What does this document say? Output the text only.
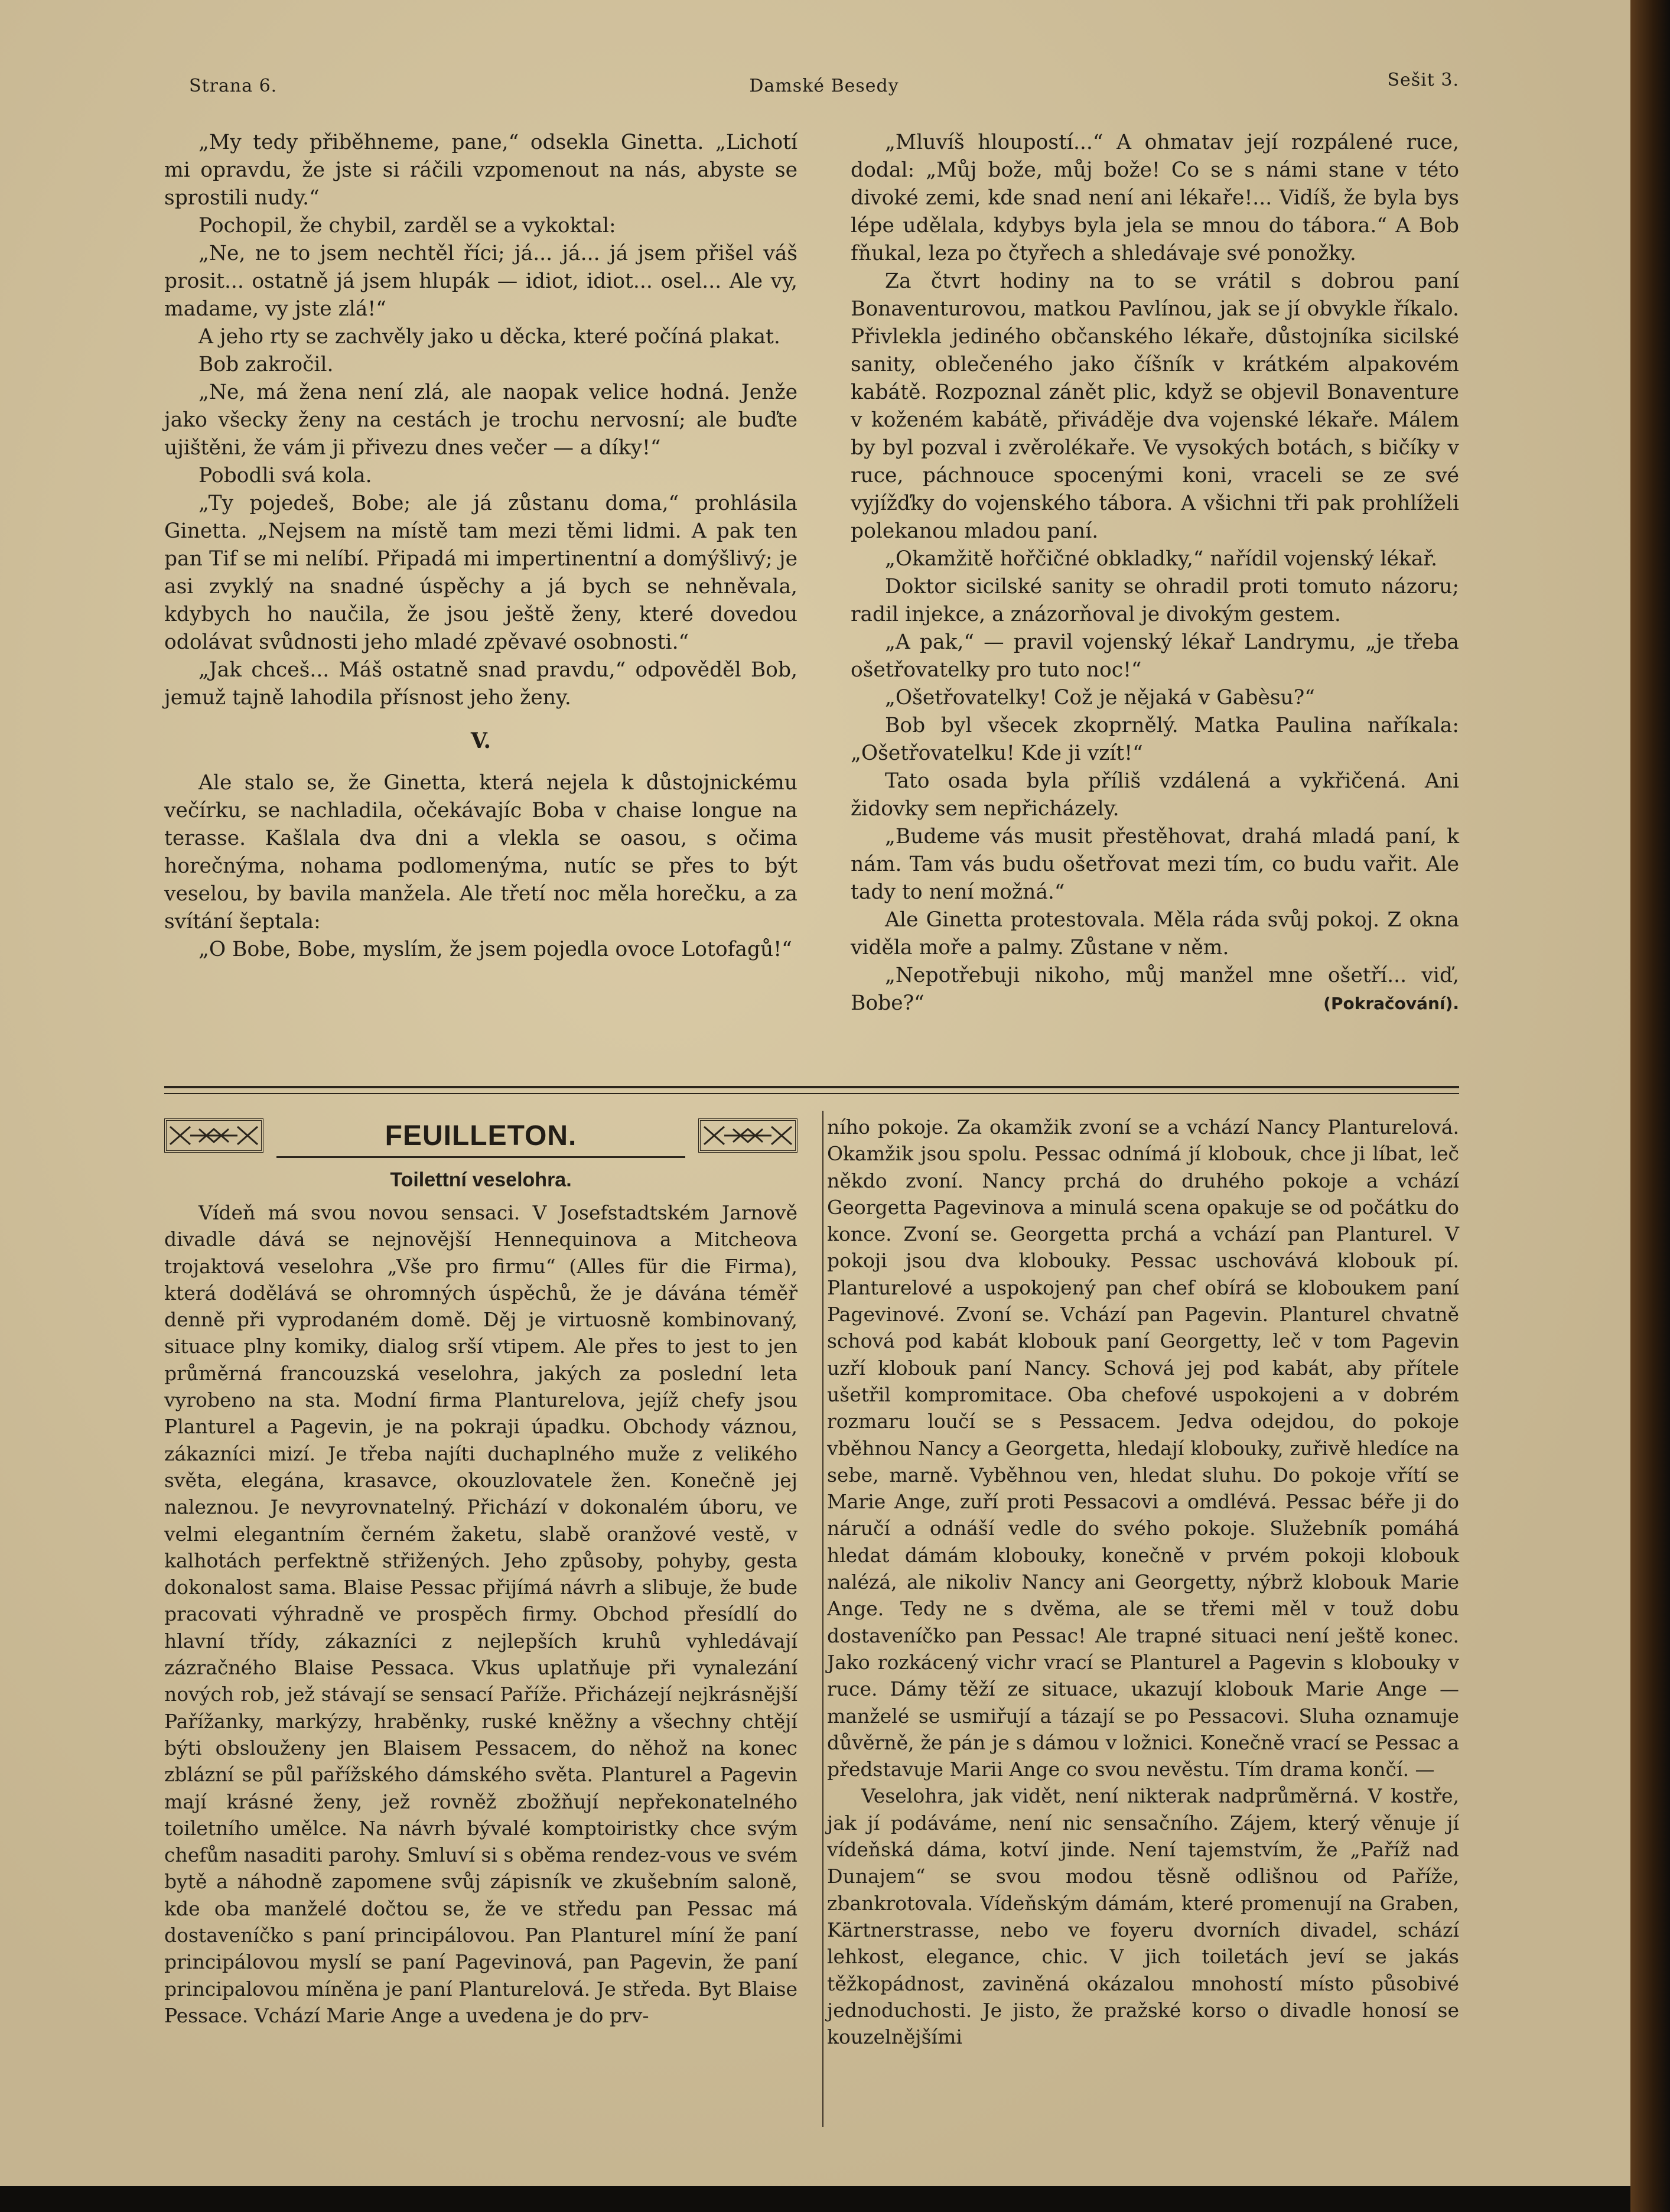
Strana 6.	Damské Besedy	Sešit 3.

„My tedy přiběhneme, pane,“ odsekla Ginetta. „Lichotí mi opravdu, že jste si ráčili vzpomenout na nás, abyste se sprostili nudy.“

Pochopil, že chybil, zarděl se a vykoktal:

„Ne, ne to jsem nechtěl říci; já... já... já jsem přišel váš prosit... ostatně já jsem hlupák — idiot, idiot... osel... Ale vy, madame, vy jste zlá!“

A jeho rty se zachvěly jako u děcka, které počíná plakat.

Bob zakročil.

„Ne, má žena není zlá, ale naopak velice hodná. Jenže jako všecky ženy na cestách je trochu nervosní; ale buďte ujištěni, že vám ji přivezu dnes večer — a díky!“

Pobodli svá kola.

„Ty pojedeš, Bobe; ale já zůstanu doma,“ prohlásila Ginetta. „Nejsem na místě tam mezi těmi lidmi. A pak ten pan Tif se mi nelíbí. Připadá mi impertinentní a domýšlivý; je asi zvyklý na snadné úspěchy a já bych se nehněvala, kdybych ho naučila, že jsou ještě ženy, které dovedou odolávat svůdnosti jeho mladé zpěvavé osobnosti.“

„Jak chceš... Máš ostatně snad pravdu,“ odpověděl Bob, jemuž tajně lahodila přísnost jeho ženy.

V.

Ale stalo se, že Ginetta, která nejela k důstojnickému večírku, se nachladila, očekávajíc Boba v chaise longue na terasse. Kašlala dva dni a vlekla se oasou, s očima horečnýma, nohama podlomenýma, nutíc se přes to být veselou, by bavila manžela. Ale třetí noc měla horečku, a za svítání šeptala:

„O Bobe, Bobe, myslím, že jsem pojedla ovoce Lotofagů!“

„Mluvíš hloupostí...“ A ohmatav její rozpálené ruce, dodal: „Můj bože, můj bože! Co se s námi stane v této divoké zemi, kde snad není ani lékaře!... Vidíš, že byla bys lépe udělala, kdybys byla jela se mnou do tábora.“ A Bob fňukal, leza po čtyřech a shledávaje své ponožky.

Za čtvrt hodiny na to se vrátil s dobrou paní Bonaventurovou, matkou Pavlínou, jak se jí obvykle říkalo. Přivlekla jediného občanského lékaře, důstojníka sicilské sanity, oblečeného jako číšník v krátkém alpakovém kabátě. Rozpoznal zánět plic, když se objevil Bonaventure v koženém kabátě, přiváděje dva vojenské lékaře. Málem by byl pozval i zvěrolékaře. Ve vysokých botách, s bičíky v ruce, páchnouce spocenými koni, vraceli se ze své vyjížďky do vojenského tábora. A všichni tři pak prohlíželi polekanou mladou paní.

„Okamžitě hořčičné obkladky,“ nařídil vojenský lékař.

Doktor sicilské sanity se ohradil proti tomuto názoru; radil injekce, a znázorňoval je divokým gestem.

„A pak,“ — pravil vojenský lékař Landrymu, „je třeba ošetřovatelky pro tuto noc!“

„Ošetřovatelky! Což je nějaká v Gabèsu?“

Bob byl všecek zkoprnělý. Matka Paulina naříkala: „Ošetřovatelku! Kde ji vzít!“

Tato osada byla příliš vzdálená a vykřičená. Ani židovky sem nepřicházely.

„Budeme vás musit přestěhovat, drahá mladá paní, k nám. Tam vás budu ošetřovat mezi tím, co budu vařit. Ale tady to není možná.“

Ale Ginetta protestovala. Měla ráda svůj pokoj. Z okna viděla moře a palmy. Zůstane v něm.

„Nepotřebuji nikoho, můj manžel mne ošetří... viď, Bobe?“	(Pokračování).

FEUILLETON.
Toilettní veselohra.

Vídeň má svou novou sensaci. V Josefstadtském Jarnově divadle dává se nejnovější Hennequinova a Mitcheova trojaktová veselohra „Vše pro firmu“ (Alles für die Firma), která dodělává se ohromných úspěchů, že je dávána téměř denně při vyprodaném domě. Děj je virtuosně kombinovaný, situace plny komiky, dialog srší vtipem. Ale přes to jest to jen průměrná francouzská veselohra, jakých za poslední leta vyrobeno na sta. Modní firma Planturelova, jejíž chefy jsou Planturel a Pagevin, je na pokraji úpadku. Obchody váznou, zákazníci mizí. Je třeba najíti duchaplného muže z velikého světa, elegána, krasavce, okouzlovatele žen. Konečně jej naleznou. Je nevyrovnatelný. Přichází v dokonalém úboru, ve velmi elegantním černém žaketu, slabě oranžové vestě, v kalhotách perfektně střižených. Jeho způsoby, pohyby, gesta dokonalost sama. Blaise Pessac přijímá návrh a slibuje, že bude pracovati výhradně ve prospěch firmy. Obchod přesídlí do hlavní třídy, zákazníci z nejlepších kruhů vyhledávají zázračného Blaise Pessaca. Vkus uplatňuje při vynalezání nových rob, jež stávají se sensací Paříže. Přicházejí nejkrásnější Pařížanky, markýzy, hraběnky, ruské kněžny a všechny chtějí býti obslouženy jen Blaisem Pessacem, do něhož na konec zblázní se půl pařížského dámského světa. Planturel a Pagevin mají krásné ženy, jež rovněž zbožňují nepřekonatelného toiletního umělce. Na návrh bývalé komptoiristky chce svým chefům nasaditi parohy. Smluví si s oběma rendez-vous ve svém bytě a náhodně zapomene svůj zápisník ve zkušebním saloně, kde oba manželé dočtou se, že ve středu pan Pessac má dostaveníčko s paní principálovou. Pan Planturel míní že paní principálovou myslí se paní Pagevinová, pan Pagevin, že paní principalovou míněna je paní Planturelová. Je středa. Byt Blaise Pessace. Vchází Marie Ange a uvedena je do prv-

ního pokoje. Za okamžik zvoní se a vchází Nancy Planturelová. Okamžik jsou spolu. Pessac odnímá jí klobouk, chce ji líbat, leč někdo zvoní. Nancy prchá do druhého pokoje a vchází Georgetta Pagevinova a minulá scena opakuje se od počátku do konce. Zvoní se. Georgetta prchá a vchází pan Planturel. V pokoji jsou dva klobouky. Pessac uschovává klobouk pí. Planturelové a uspokojený pan chef obírá se kloboukem paní Pagevinové. Zvoní se. Vchází pan Pagevin. Planturel chvatně schová pod kabát klobouk paní Georgetty, leč v tom Pagevin uzří klobouk paní Nancy. Schová jej pod kabát, aby přítele ušetřil kompromitace. Oba chefové uspokojeni a v dobrém rozmaru loučí se s Pessacem. Jedva odejdou, do pokoje vběhnou Nancy a Georgetta, hledají klobouky, zuřivě hledíce na sebe, marně. Vyběhnou ven, hledat sluhu. Do pokoje vřítí se Marie Ange, zuří proti Pessacovi a omdlévá. Pessac béře ji do náručí a odnáší vedle do svého pokoje. Služebník pomáhá hledat dámám klobouky, konečně v prvém pokoji klobouk nalézá, ale nikoliv Nancy ani Georgetty, nýbrž klobouk Marie Ange. Tedy ne s dvěma, ale se třemi měl v touž dobu dostaveníčko pan Pessac! Ale trapné situaci není ještě konec. Jako rozkácený vichr vrací se Planturel a Pagevin s klobouky v ruce. Dámy těží ze situace, ukazují klobouk Marie Ange — manželé se usmiřují a tázají se po Pessacovi. Sluha oznamuje důvěrně, že pán je s dámou v ložnici. Konečně vrací se Pessac a představuje Marii Ange co svou nevěstu. Tím drama končí. —

Veselohra, jak vidět, není nikterak nadprůměrná. V kostře, jak jí podáváme, není nic sensačního. Zájem, který věnuje jí vídeňská dáma, kotví jinde. Není tajemstvím, že „Paříž nad Dunajem“ se svou modou těsně odlišnou od Paříže, zbankrotovala. Vídeňským dámám, které promenují na Graben, Kärtnerstrasse, nebo ve foyeru dvorních divadel, schází lehkost, elegance, chic. V jich toiletách jeví se jakás těžkopádnost, zaviněná okázalou mnohostí místo působivé jednoduchosti. Je jisto, že pražské korso o divadle honosí se kouzelnějšími
